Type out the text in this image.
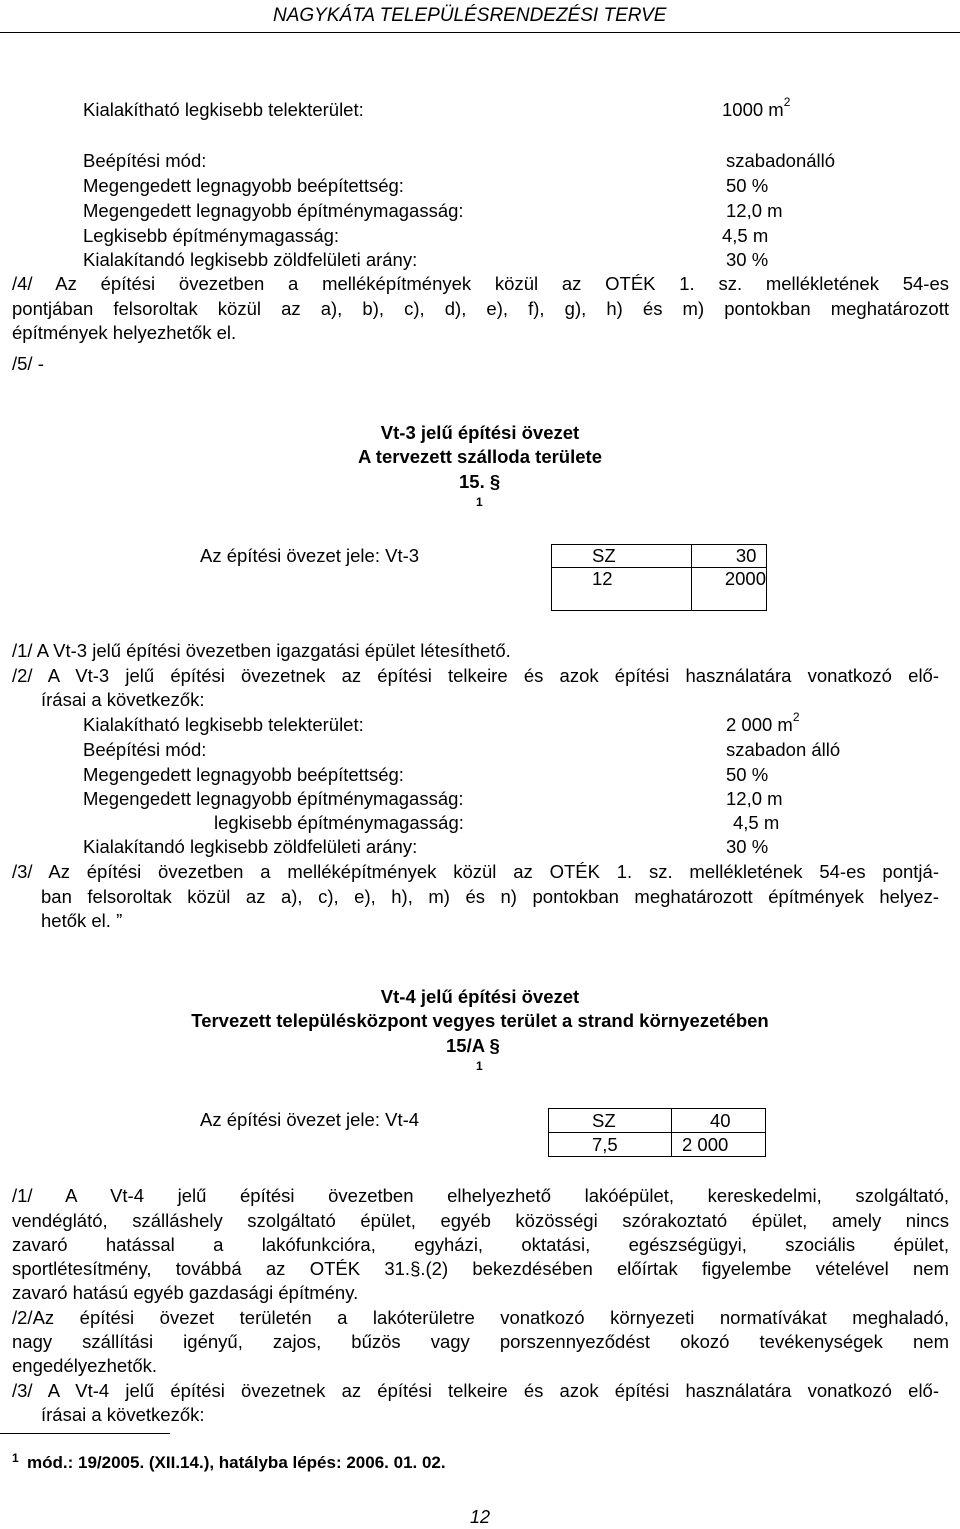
NAGYKÁTA TELEPÜLÉSRENDEZÉSI TERVE
Kialakítható legkisebb telekterület:	1000 $m^2$
Beépítési mód:	szabadonálló
Megengedett legnagyobb beépítettség:	50 %
Megengedett legnagyobb építménymagasság:	12,0 m
Legkisebb építménymagasság:	4,5 m
Kialakítandó legkisebb zöldfelületi arány:	30 %
/4/ Az építési övezetben a melléképítmények közül az OTÉK 1. sz. mellékletének 54-es
pontjában felsoroltak közül az a), b), c), d), e), f), g), h) és m) pontokban meghatározott
építmények helyezhetők el.
/5/ -
Vt-3 jelű építési övezet
A tervezett szálloda területe
15. §
1
Az építési övezet jele: Vt-3	SZ	30
12	2000
/1/ A Vt-3 jelű építési övezetben igazgatási épület létesíthető.
/2/ A Vt-3 jelű építési övezetnek az építési telkeire és azok építési használatára vonatkozó elő-
írásai a következők:
Kialakítható legkisebb telekterület:	2 000 $m^2$
Beépítési mód:	szabadon álló
Megengedett legnagyobb beépítettség:	50 %
Megengedett legnagyobb építménymagasság:	12,0 m
legkisebb építménymagasság:	4,5 m
Kialakítandó legkisebb zöldfelületi arány:	30 %
/3/ Az építési övezetben a melléképítmények közül az OTÉK 1. sz. mellékletének 54-es pontjá-
ban felsoroltak közül az a), c), e), h), m) és n) pontokban meghatározott építmények helyez-
hetők el. ”
Vt-4 jelű építési övezet
Tervezett településközpont vegyes terület a strand környezetében
15/A §
1
Az építési övezet jele: Vt-4	SZ	40
7,5	2 000
/1/ A Vt-4 jelű építési övezetben elhelyezhető lakóépület, kereskedelmi, szolgáltató,
vendéglátó, szálláshely szolgáltató épület, egyéb közösségi szórakoztató épület, amely nincs
zavaró hatással a lakófunkcióra, egyházi, oktatási, egészségügyi, szociális épület,
sportlétesítmény, továbbá az OTÉK 31.§.(2) bekezdésében előírtak figyelembe vételével nem
zavaró hatású egyéb gazdasági építmény.
/2/Az építési övezet területén a lakóterületre vonatkozó környezeti normatívákat meghaladó,
nagy szállítási igényű, zajos, bűzös vagy porszennyeződést okozó tevékenységek nem
engedélyezhetők.
/3/ A Vt-4 jelű építési övezetnek az építési telkeire és azok építési használatára vonatkozó elő-
írásai a következők:
1 mód.: 19/2005. (XII.14.), hatályba lépés: 2006. 01. 02.
12
